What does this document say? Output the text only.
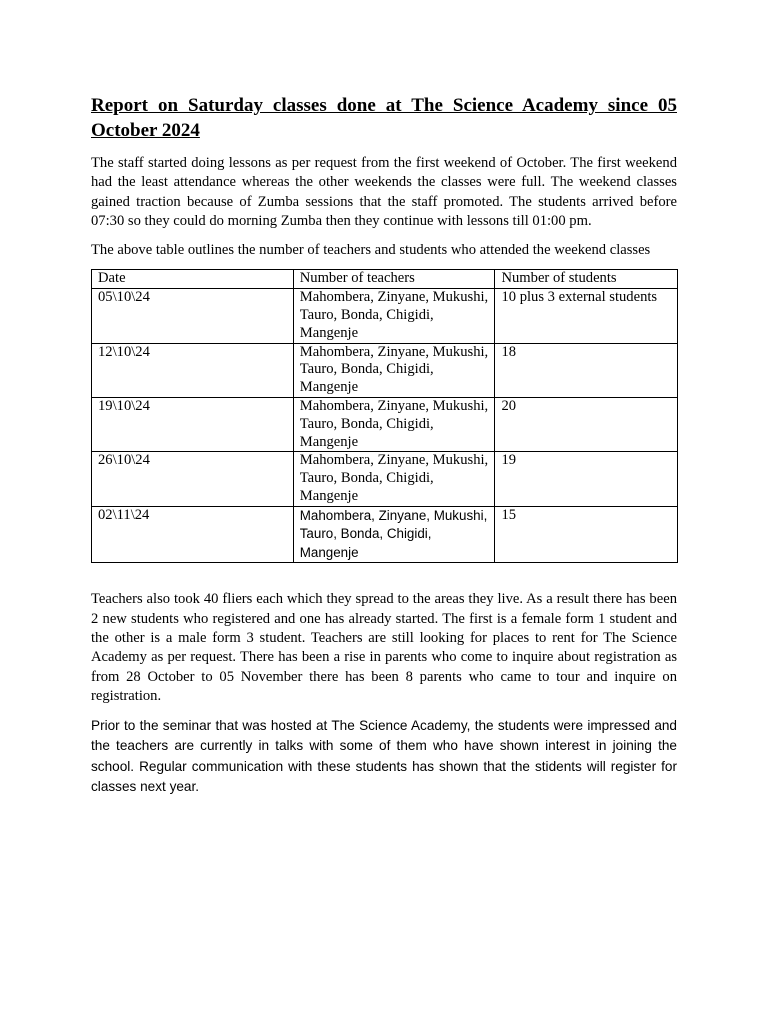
Report on Saturday classes done at The Science Academy since 05 October 2024

The staff started doing lessons as per request from the first weekend of October. The first weekend had the least attendance whereas the other weekends the classes were full. The weekend classes gained traction because of Zumba sessions that the staff promoted. The students arrived before 07:30 so they could do morning Zumba then they continue with lessons till 01:00 pm.

The above table outlines the number of teachers and students who attended the weekend classes

Date	Number of teachers	Number of students
05\10\24	Mahombera, Zinyane, Mukushi, Tauro, Bonda, Chigidi, Mangenje	10 plus 3 external students
12\10\24	Mahombera, Zinyane, Mukushi, Tauro, Bonda, Chigidi, Mangenje	18
19\10\24	Mahombera, Zinyane, Mukushi, Tauro, Bonda, Chigidi, Mangenje	20
26\10\24	Mahombera, Zinyane, Mukushi, Tauro, Bonda, Chigidi, Mangenje	19
02\11\24	Mahombera, Zinyane, Mukushi, Tauro, Bonda, Chigidi, Mangenje	15

Teachers also took 40 fliers each which they spread to the areas they live. As a result there has been 2 new students who registered and one has already started. The first is a female form 1 student and the other is a male form 3 student. Teachers are still looking for places to rent for The Science Academy as per request. There has been a rise in parents who come to inquire about registration as from 28 October to 05 November there has been 8 parents who came to tour and inquire on registration.

Prior to the seminar that was hosted at The Science Academy, the students were impressed and the teachers are currently in talks with some of them who have shown interest in joining the school. Regular communication with these students has shown that the stidents will register for classes next year.
